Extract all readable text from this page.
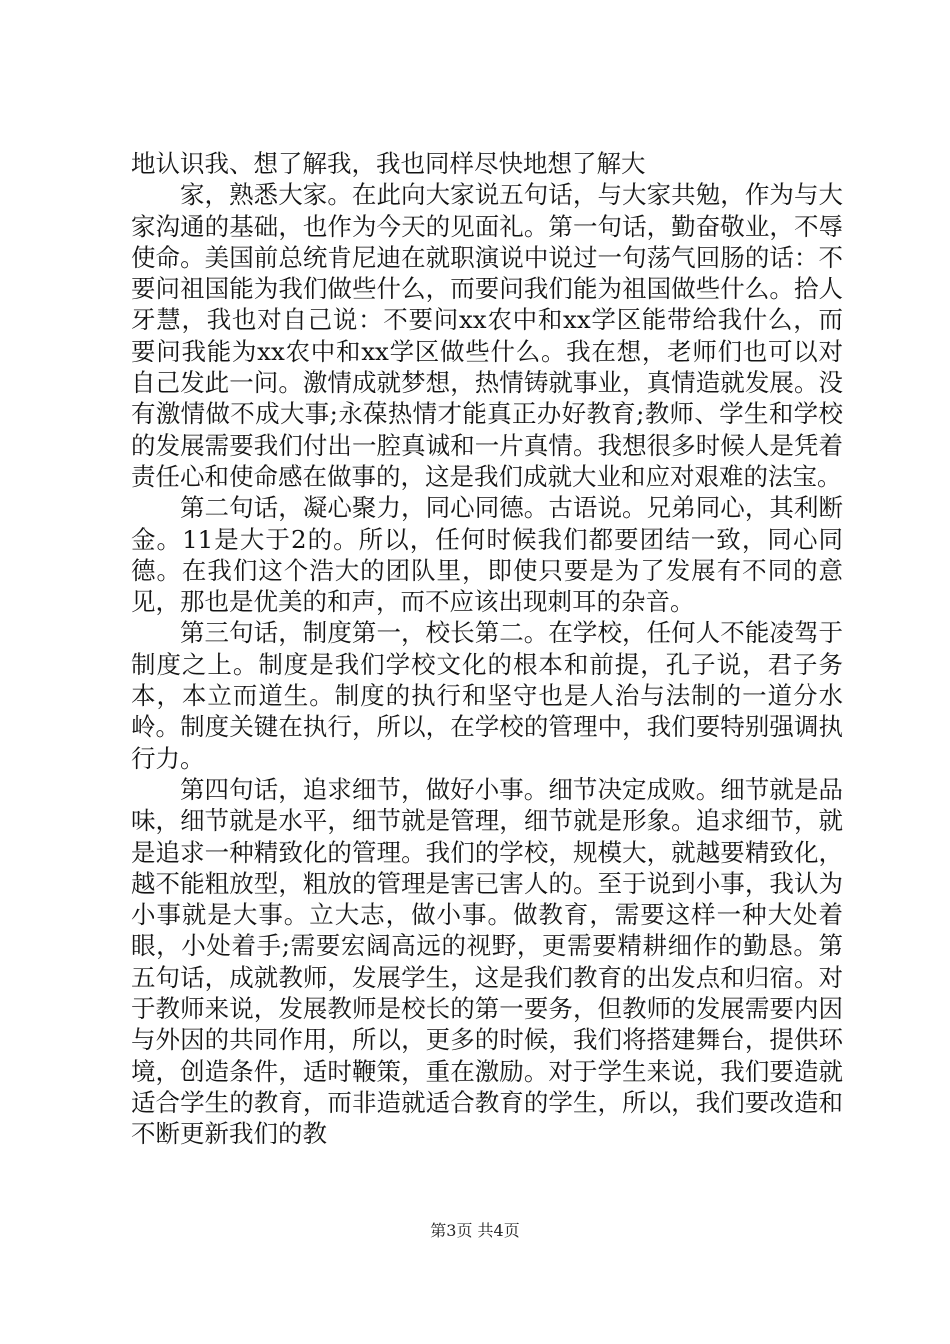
地认识我、想了解我，我也同样尽快地想了解大

家，熟悉大家。在此向大家说五句话，与大家共勉，作为与大家沟通的基础，也作为今天的见面礼。第一句话，勤奋敬业，不辱使命。美国前总统肯尼迪在就职演说中说过一句荡气回肠的话：不要问祖国能为我们做些什么，而要问我们能为祖国做些什么。拾人牙慧，我也对自己说：不要问xx农中和xx学区能带给我什么，而要问我能为xx农中和xx学区做些什么。我在想，老师们也可以对自己发此一问。激情成就梦想，热情铸就事业，真情造就发展。没有激情做不成大事;永葆热情才能真正办好教育;教师、学生和学校的发展需要我们付出一腔真诚和一片真情。我想很多时候人是凭着责任心和使命感在做事的，这是我们成就大业和应对艰难的法宝。

第二句话，凝心聚力，同心同德。古语说。兄弟同心，其利断金。11是大于2的。所以，任何时候我们都要团结一致，同心同德。在我们这个浩大的团队里，即使只要是为了发展有不同的意见，那也是优美的和声，而不应该出现刺耳的杂音。

第三句话，制度第一，校长第二。在学校，任何人不能凌驾于制度之上。制度是我们学校文化的根本和前提，孔子说，君子务本，本立而道生。制度的执行和坚守也是人治与法制的一道分水岭。制度关键在执行，所以，在学校的管理中，我们要特别强调执行力。

第四句话，追求细节，做好小事。细节决定成败。细节就是品味，细节就是水平，细节就是管理，细节就是形象。追求细节，就是追求一种精致化的管理。我们的学校，规模大，就越要精致化，越不能粗放型，粗放的管理是害已害人的。至于说到小事，我认为小事就是大事。立大志，做小事。做教育，需要这样一种大处着眼，小处着手;需要宏阔高远的视野，更需要精耕细作的勤恳。第五句话，成就教师，发展学生，这是我们教育的出发点和归宿。对于教师来说，发展教师是校长的第一要务，但教师的发展需要内因与外因的共同作用，所以，更多的时候，我们将搭建舞台，提供环境，创造条件，适时鞭策，重在激励。对于学生来说，我们要造就适合学生的教育，而非造就适合教育的学生，所以，我们要改造和不断更新我们的教

第3页 共4页
